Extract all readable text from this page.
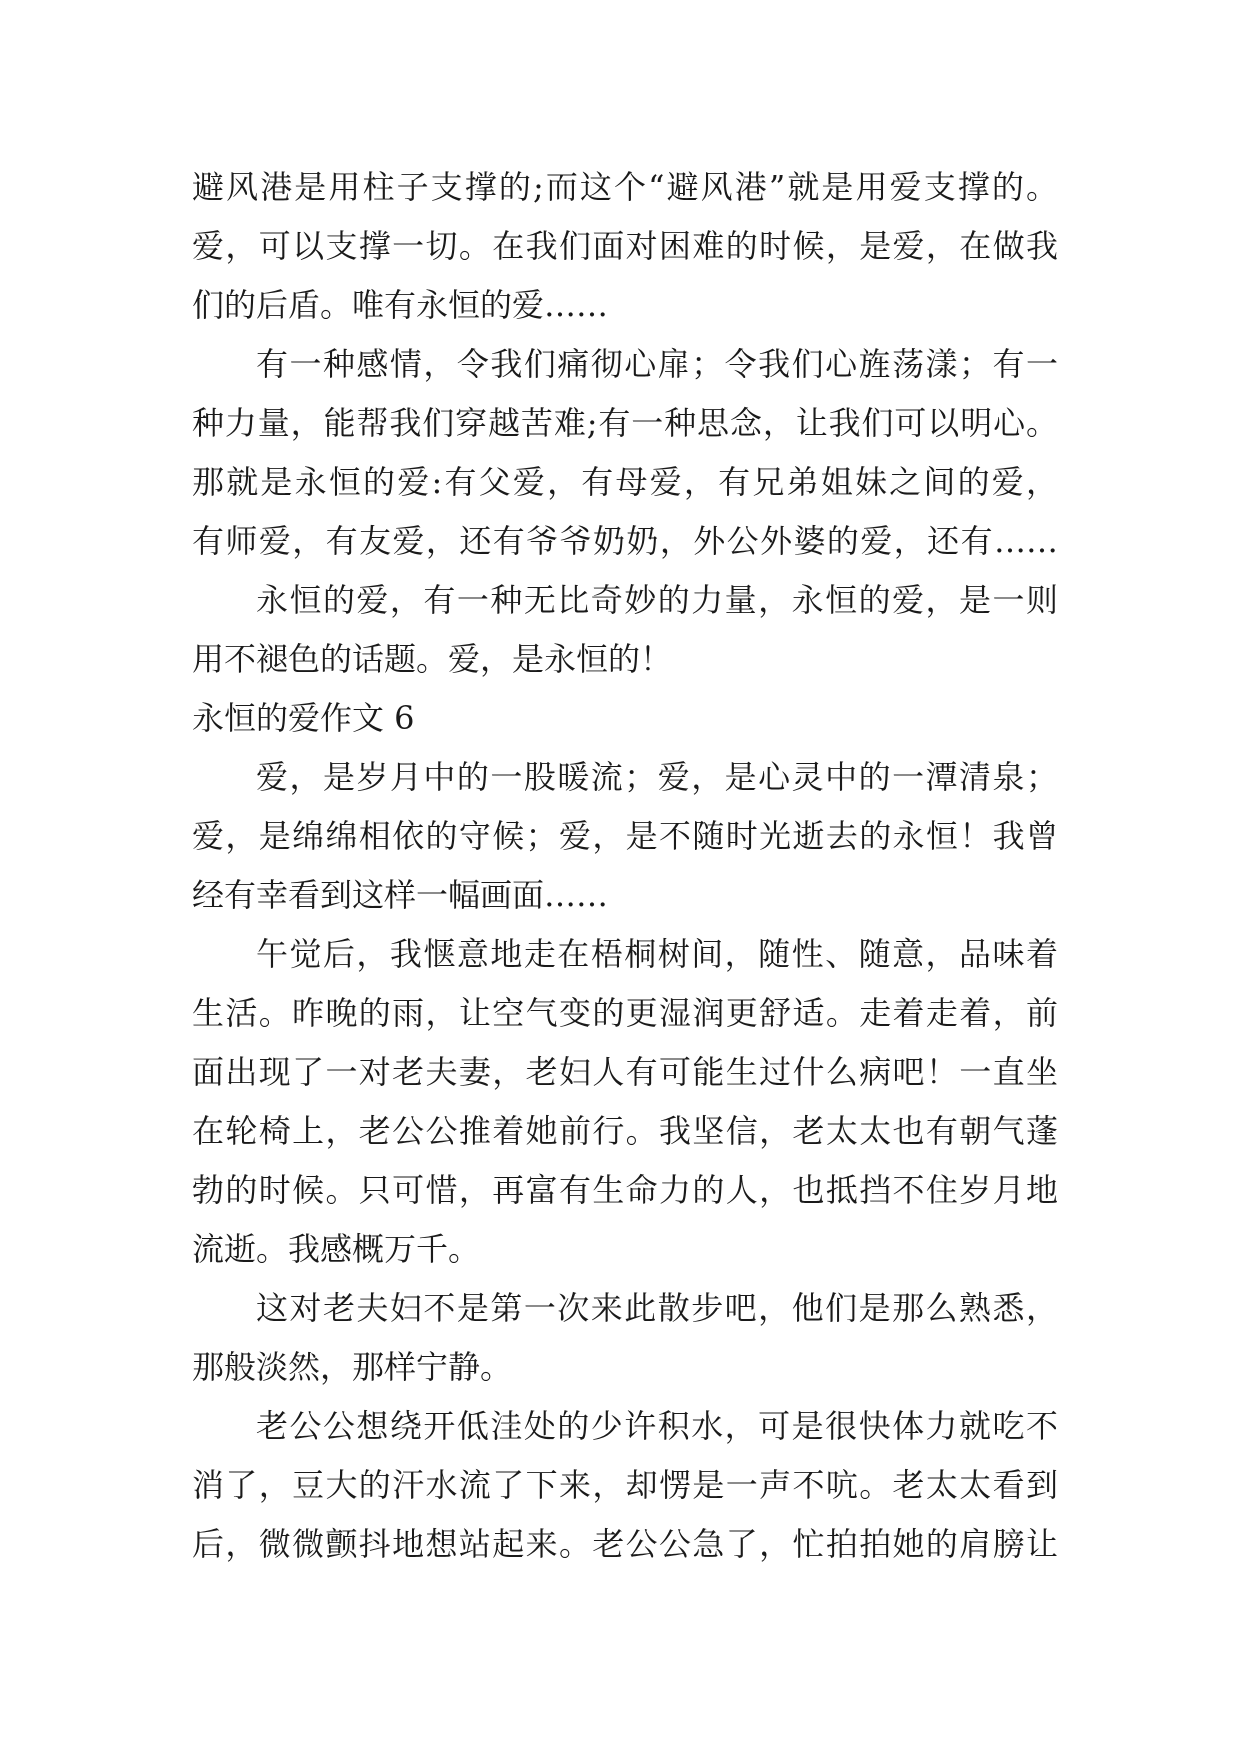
避风港是用柱子支撑的;而这个“避风港”就是用爱支撑的。
爱，可以支撑一切。在我们面对困难的时候，是爱，在做我
们的后盾。唯有永恒的爱……
有一种感情，令我们痛彻心扉；令我们心旌荡漾；有一
种力量，能帮我们穿越苦难;有一种思念，让我们可以明心。
那就是永恒的爱:有父爱，有母爱，有兄弟姐妹之间的爱，
有师爱，有友爱，还有爷爷奶奶，外公外婆的爱，还有……
永恒的爱，有一种无比奇妙的力量，永恒的爱，是一则
用不褪色的话题。爱，是永恒的！
永恒的爱作文 6
爱，是岁月中的一股暖流；爱，是心灵中的一潭清泉；
爱，是绵绵相依的守候；爱，是不随时光逝去的永恒！我曾
经有幸看到这样一幅画面……
午觉后，我惬意地走在梧桐树间，随性、随意，品味着
生活。昨晚的雨，让空气变的更湿润更舒适。走着走着，前
面出现了一对老夫妻，老妇人有可能生过什么病吧！一直坐
在轮椅上，老公公推着她前行。我坚信，老太太也有朝气蓬
勃的时候。只可惜，再富有生命力的人，也抵挡不住岁月地
流逝。我感概万千。
这对老夫妇不是第一次来此散步吧，他们是那么熟悉，
那般淡然，那样宁静。
老公公想绕开低洼处的少许积水，可是很快体力就吃不
消了，豆大的汗水流了下来，却愣是一声不吭。老太太看到
后，微微颤抖地想站起来。老公公急了，忙拍拍她的肩膀让
